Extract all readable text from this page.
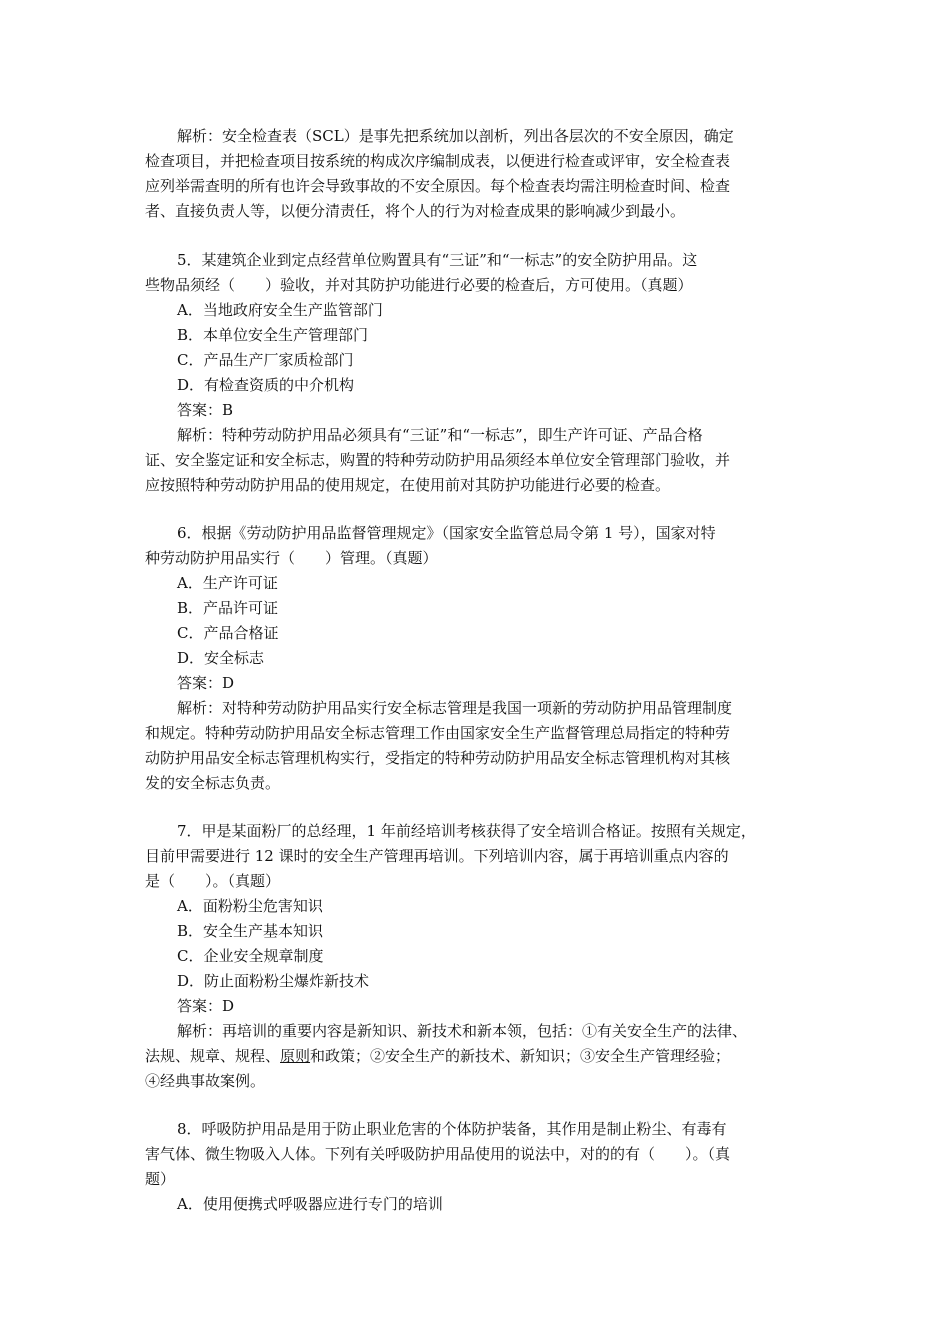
解析：安全检查表（SCL）是事先把系统加以剖析，列出各层次的不安全原因，确定
检查项目，并把检查项目按系统的构成次序编制成表，以便进行检查或评审，安全检查表
应列举需查明的所有也许会导致事故的不安全原因。每个检查表均需注明检查时间、检查
者、直接负责人等，以便分清责任，将个人的行为对检查成果的影响减少到最小。
5．某建筑企业到定点经营单位购置具有“三证”和“一标志”的安全防护用品。这
些物品须经（　　）验收，并对其防护功能进行必要的检查后，方可使用。（真题）
A．当地政府安全生产监管部门
B．本单位安全生产管理部门
C．产品生产厂家质检部门
D．有检查资质的中介机构
答案：B
解析：特种劳动防护用品必须具有“三证”和“一标志”，即生产许可证、产品合格
证、安全鉴定证和安全标志，购置的特种劳动防护用品须经本单位安全管理部门验收，并
应按照特种劳动防护用品的使用规定，在使用前对其防护功能进行必要的检查。
6．根据《劳动防护用品监督管理规定》（国家安全监管总局令第 1 号），国家对特
种劳动防护用品实行（　　）管理。（真题）
A．生产许可证
B．产品许可证
C．产品合格证
D．安全标志
答案：D
解析：对特种劳动防护用品实行安全标志管理是我国一项新的劳动防护用品管理制度
和规定。特种劳动防护用品安全标志管理工作由国家安全生产监督管理总局指定的特种劳
动防护用品安全标志管理机构实行，受指定的特种劳动防护用品安全标志管理机构对其核
发的安全标志负责。
7．甲是某面粉厂的总经理，1 年前经培训考核获得了安全培训合格证。按照有关规定，
目前甲需要进行 12 课时的安全生产管理再培训。下列培训内容，属于再培训重点内容的
是（　　）。（真题）
A．面粉粉尘危害知识
B．安全生产基本知识
C．企业安全规章制度
D．防止面粉粉尘爆炸新技术
答案：D
解析：再培训的重要内容是新知识、新技术和新本领，包括：①有关安全生产的法律、
法规、规章、规程、原则和政策；②安全生产的新技术、新知识；③安全生产管理经验；
④经典事故案例。
8．呼吸防护用品是用于防止职业危害的个体防护装备，其作用是制止粉尘、有毒有
害气体、微生物吸入人体。下列有关呼吸防护用品使用的说法中，对的的有（　　）。（真
题）
A．使用便携式呼吸器应进行专门的培训
